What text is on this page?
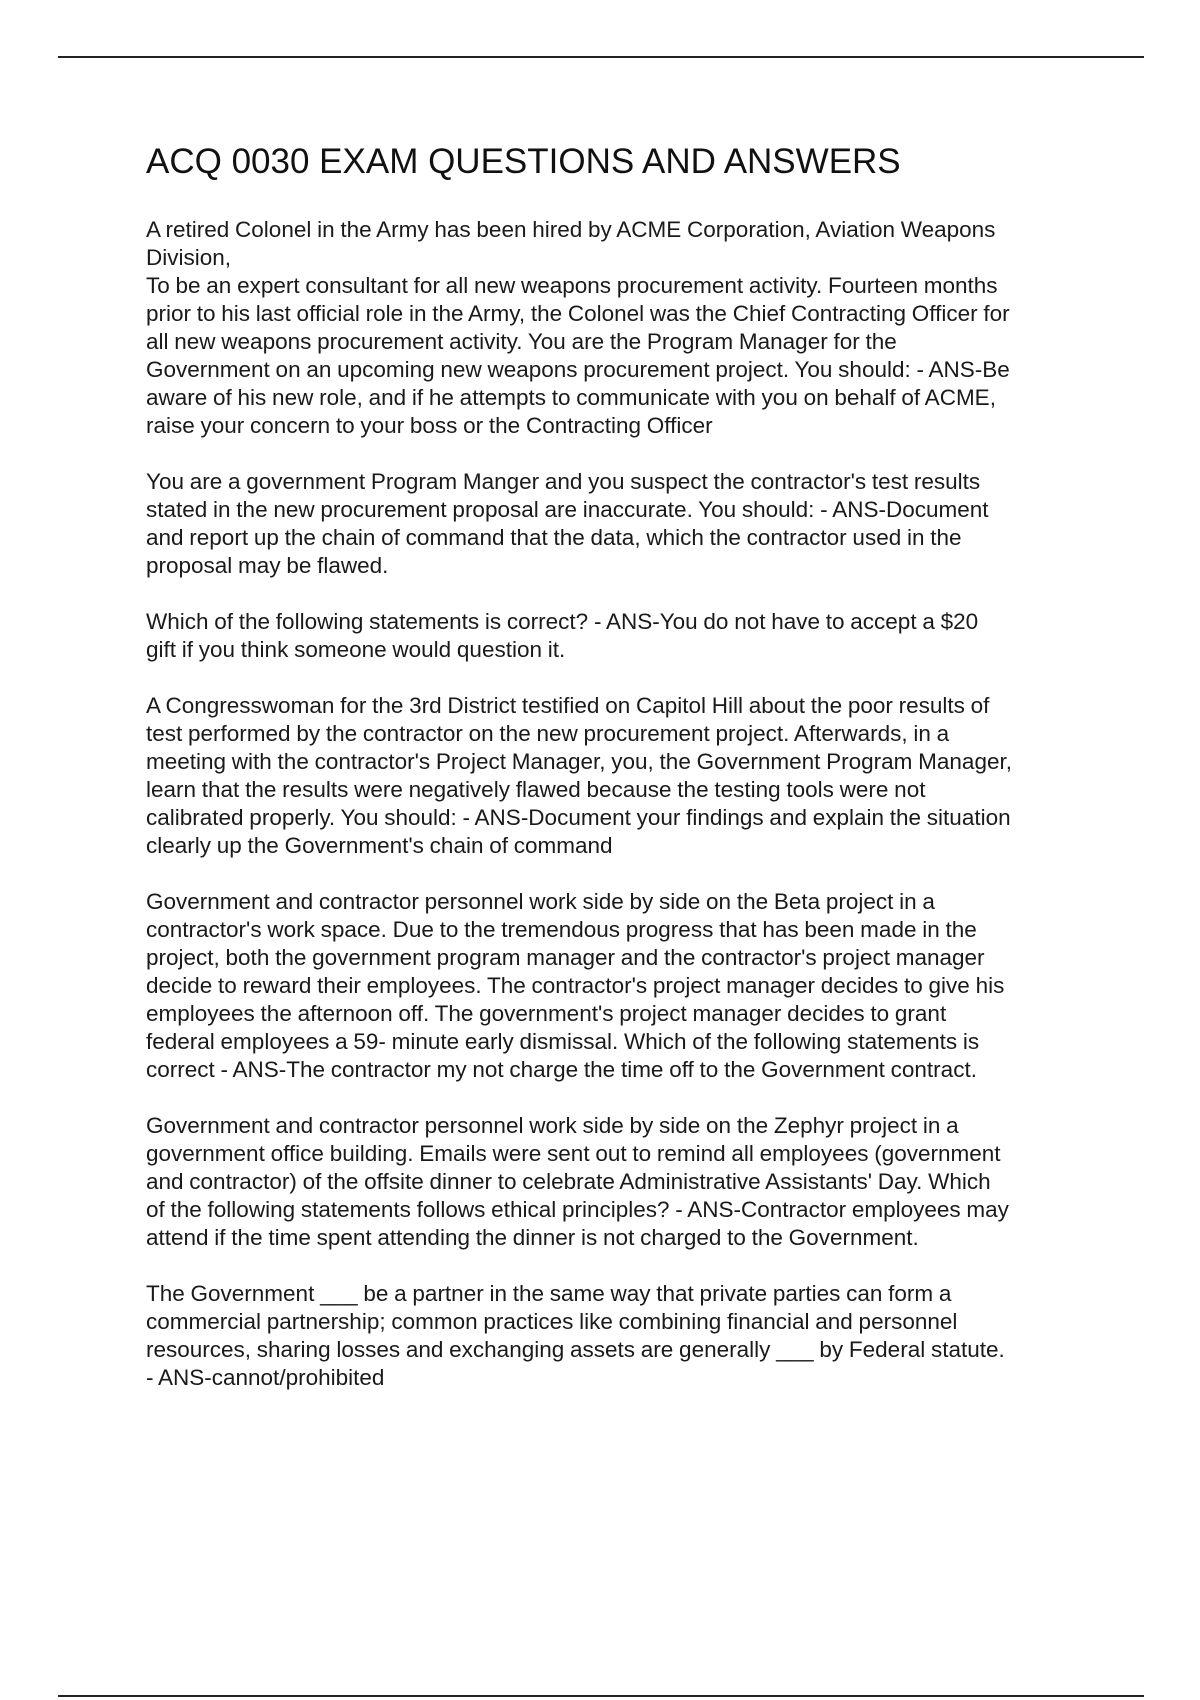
ACQ 0030 EXAM QUESTIONS AND ANSWERS

A retired Colonel in the Army has been hired by ACME Corporation, Aviation Weapons
Division,
To be an expert consultant for all new weapons procurement activity. Fourteen months
prior to his last official role in the Army, the Colonel was the Chief Contracting Officer for
all new weapons procurement activity. You are the Program Manager for the
Government on an upcoming new weapons procurement project. You should: - ANS-Be
aware of his new role, and if he attempts to communicate with you on behalf of ACME,
raise your concern to your boss or the Contracting Officer

You are a government Program Manger and you suspect the contractor's test results
stated in the new procurement proposal are inaccurate. You should: - ANS-Document
and report up the chain of command that the data, which the contractor used in the
proposal may be flawed.

Which of the following statements is correct? - ANS-You do not have to accept a $20
gift if you think someone would question it.

A Congresswoman for the 3rd District testified on Capitol Hill about the poor results of
test performed by the contractor on the new procurement project. Afterwards, in a
meeting with the contractor's Project Manager, you, the Government Program Manager,
learn that the results were negatively flawed because the testing tools were not
calibrated properly. You should: - ANS-Document your findings and explain the situation
clearly up the Government's chain of command

Government and contractor personnel work side by side on the Beta project in a
contractor's work space. Due to the tremendous progress that has been made in the
project, both the government program manager and the contractor's project manager
decide to reward their employees. The contractor's project manager decides to give his
employees the afternoon off. The government's project manager decides to grant
federal employees a 59- minute early dismissal. Which of the following statements is
correct - ANS-The contractor my not charge the time off to the Government contract.

Government and contractor personnel work side by side on the Zephyr project in a
government office building. Emails were sent out to remind all employees (government
and contractor) of the offsite dinner to celebrate Administrative Assistants' Day. Which
of the following statements follows ethical principles? - ANS-Contractor employees may
attend if the time spent attending the dinner is not charged to the Government.

The Government ___ be a partner in the same way that private parties can form a
commercial partnership; common practices like combining financial and personnel
resources, sharing losses and exchanging assets are generally ___ by Federal statute.
- ANS-cannot/prohibited
